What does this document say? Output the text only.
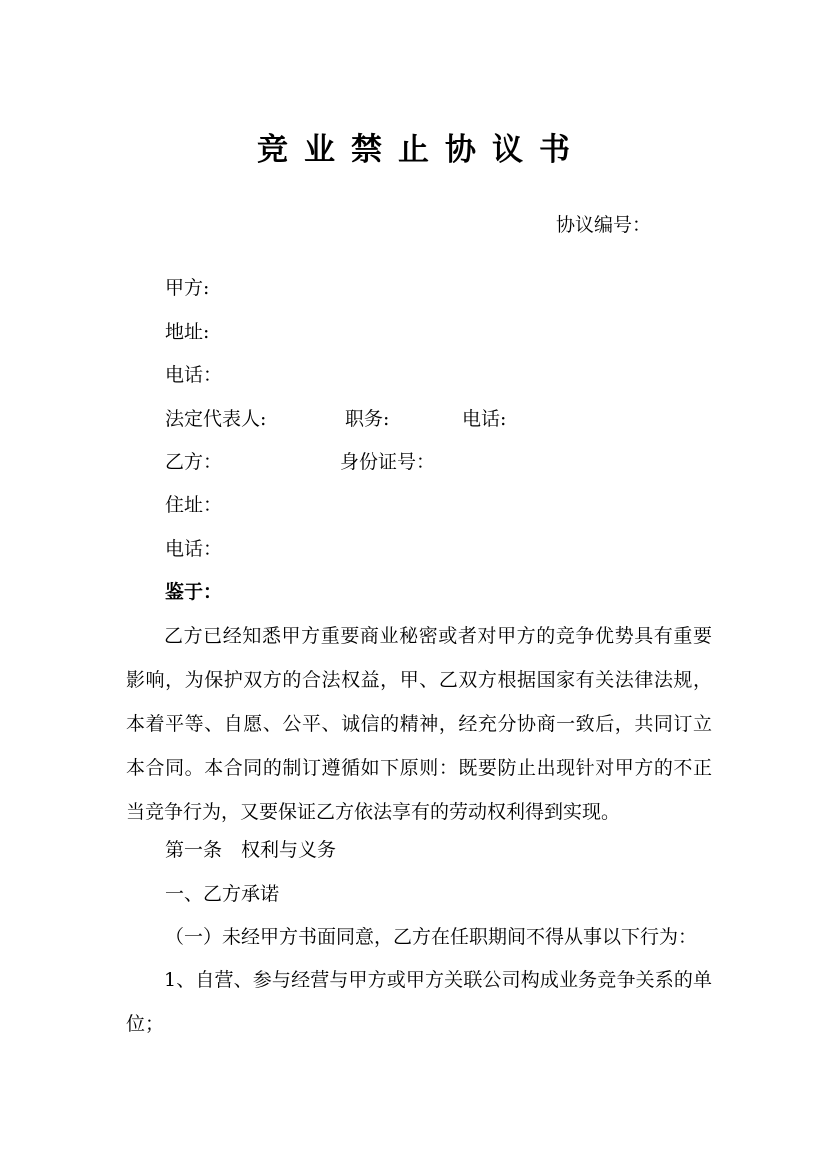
竞业禁止协议书
协议编号：
甲方:
地址:
电话：
法定代表人:	职务:	电话:
乙方：	身份证号：
住址：
电话：
鉴于：
乙方已经知悉甲方重要商业秘密或者对甲方的竞争优势具有重要影响，为保护双方的合法权益，甲、乙双方根据国家有关法律法规，本着平等、自愿、公平、诚信的精神，经充分协商一致后，共同订立本合同。本合同的制订遵循如下原则：既要防止出现针对甲方的不正当竞争行为，又要保证乙方依法享有的劳动权利得到实现。
第一条　权利与义务
一、乙方承诺
（一）未经甲方书面同意，乙方在任职期间不得从事以下行为：
1、自营、参与经营与甲方或甲方关联公司构成业务竞争关系的单位；
